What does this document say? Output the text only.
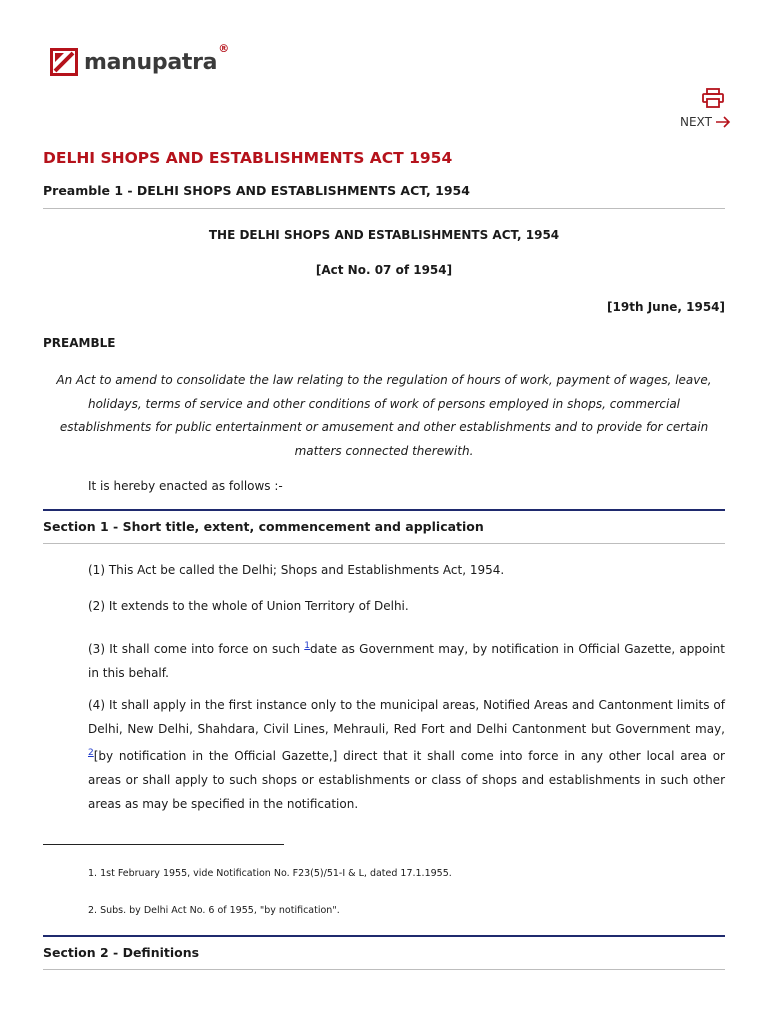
manupatra®
NEXT
DELHI SHOPS AND ESTABLISHMENTS ACT 1954
Preamble 1 - DELHI SHOPS AND ESTABLISHMENTS ACT, 1954

THE DELHI SHOPS AND ESTABLISHMENTS ACT, 1954

[Act No. 07 of 1954]

[19th June, 1954]

PREAMBLE

An Act to amend to consolidate the law relating to the regulation of hours of work, payment of wages, leave, holidays, terms of service and other conditions of work of persons employed in shops, commercial establishments for public entertainment or amusement and other establishments and to provide for certain matters connected therewith.

It is hereby enacted as follows :-

Section 1 - Short title, extent, commencement and application

(1) This Act be called the Delhi; Shops and Establishments Act, 1954.

(2) It extends to the whole of Union Territory of Delhi.

(3) It shall come into force on such $^1$date as Government may, by notification in Official Gazette, appoint in this behalf.

(4) It shall apply in the first instance only to the municipal areas, Notified Areas and Cantonment limits of Delhi, New Delhi, Shahdara, Civil Lines, Mehrauli, Red Fort and Delhi Cantonment but Government may, $^2$[by notification in the Official Gazette,] direct that it shall come into force in any other local area or areas or shall apply to such shops or establishments or class of shops and establishments in such other areas as may be specified in the notification.

1. 1st February 1955, vide Notification No. F23(5)/51-I & L, dated 17.1.1955.

2. Subs. by Delhi Act No. 6 of 1955, "by notification".

Section 2 - Definitions
